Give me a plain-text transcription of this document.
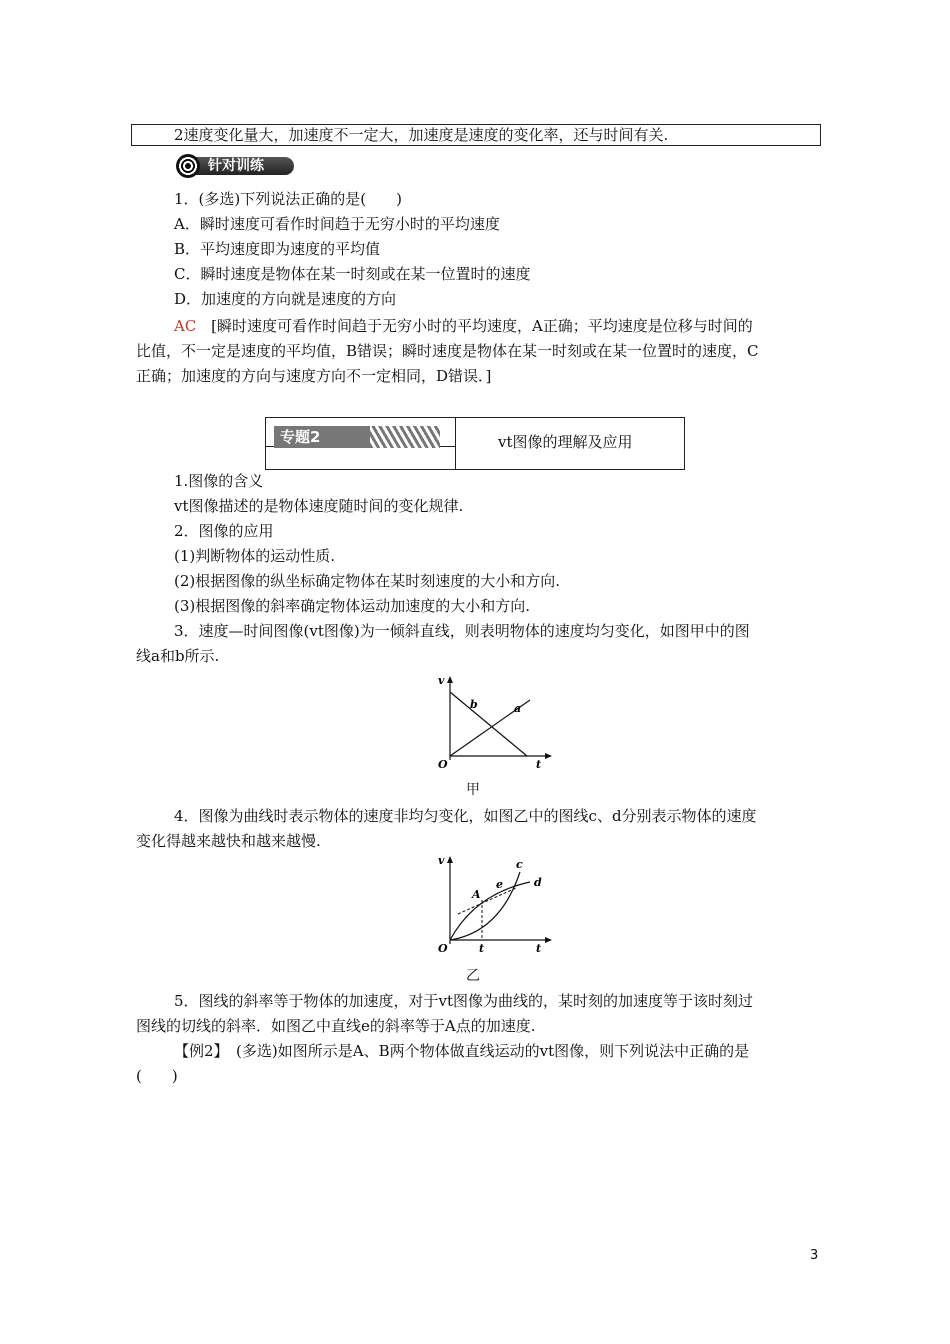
2速度变化量大，加速度不一定大，加速度是速度的变化率，还与时间有关.
针对训练
1．(多选)下列说法正确的是(　　)
A．瞬时速度可看作时间趋于无穷小时的平均速度
B．平均速度即为速度的平均值
C．瞬时速度是物体在某一时刻或在某一位置时的速度
D．加速度的方向就是速度的方向
AC [瞬时速度可看作时间趋于无穷小时的平均速度，A正确；平均速度是位移与时间的
比值，不一定是速度的平均值，B错误；瞬时速度是物体在某一时刻或在某一位置时的速度，C
正确；加速度的方向与速度方向不一定相同，D错误．]
专题2	vt图像的理解及应用
1.图像的含义
vt图像描述的是物体速度随时间的变化规律.
2．图像的应用
(1)判断物体的运动性质.
(2)根据图像的纵坐标确定物体在某时刻速度的大小和方向.
(3)根据图像的斜率确定物体运动加速度的大小和方向.
3．速度—时间图像(vt图像)为一倾斜直线，则表明物体的速度均匀变化，如图甲中的图
线a和b所示.
v
O	t
b	a
甲
4．图像为曲线时表示物体的速度非均匀变化，如图乙中的图线c、d分别表示物体的速度
变化得越来越快和越来越慢.
v
O	t
t
A
c
d
e
乙
5．图线的斜率等于物体的加速度，对于vt图像为曲线的，某时刻的加速度等于该时刻过
图线的切线的斜率．如图乙中直线e的斜率等于A点的加速度.
【例2】　(多选)如图所示是A、B两个物体做直线运动的vt图像，则下列说法中正确的是
(　　)
3
